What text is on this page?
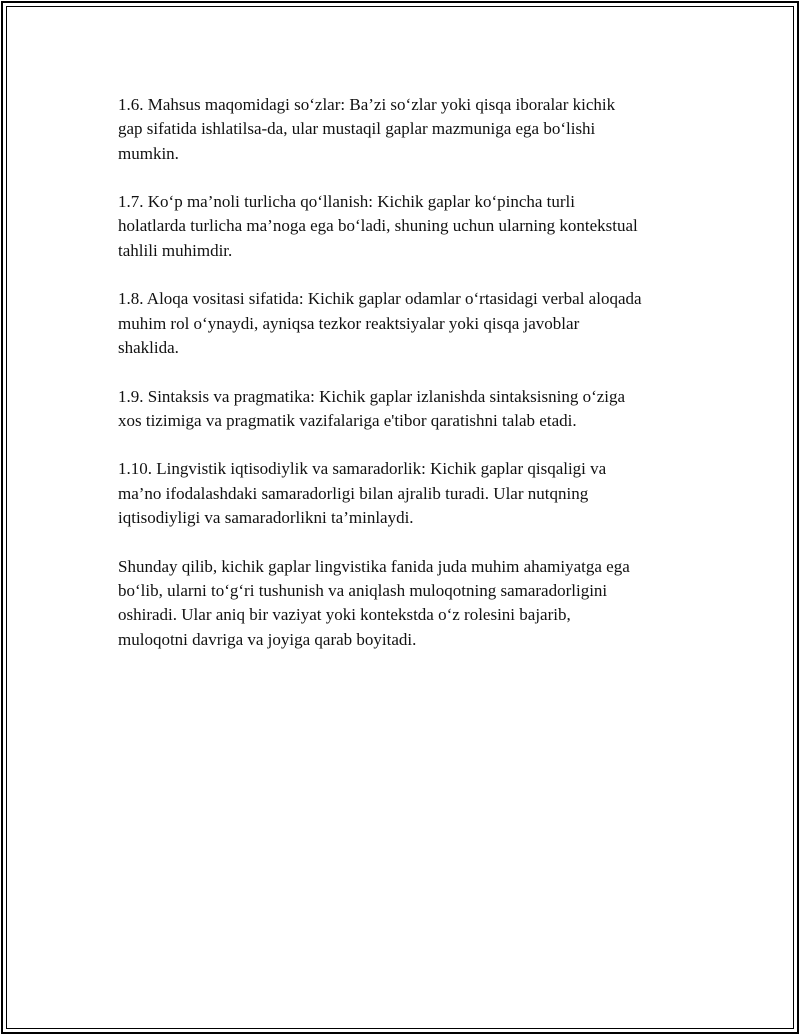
1.6. Mahsus maqomidagi so‘zlar: Ba’zi so‘zlar yoki qisqa iboralar kichik
gap sifatida ishlatilsa-da, ular mustaqil gaplar mazmuniga ega bo‘lishi
mumkin.

1.7. Ko‘p ma’noli turlicha qo‘llanish: Kichik gaplar ko‘pincha turli
holatlarda turlicha ma’noga ega bo‘ladi, shuning uchun ularning kontekstual
tahlili muhimdir.

1.8. Aloqa vositasi sifatida: Kichik gaplar odamlar o‘rtasidagi verbal aloqada
muhim rol o‘ynaydi, ayniqsa tezkor reaktsiyalar yoki qisqa javoblar
shaklida.

1.9. Sintaksis va pragmatika: Kichik gaplar izlanishda sintaksisning o‘ziga
xos tizimiga va pragmatik vazifalariga e'tibor qaratishni talab etadi.

1.10. Lingvistik iqtisodiylik va samaradorlik: Kichik gaplar qisqaligi va
ma’no ifodalashdaki samaradorligi bilan ajralib turadi. Ular nutqning
iqtisodiyligi va samaradorlikni ta’minlaydi.

Shunday qilib, kichik gaplar lingvistika fanida juda muhim ahamiyatga ega
bo‘lib, ularni to‘g‘ri tushunish va aniqlash muloqotning samaradorligini
oshiradi. Ular aniq bir vaziyat yoki kontekstda o‘z rolesini bajarib,
muloqotni davriga va joyiga qarab boyitadi.
